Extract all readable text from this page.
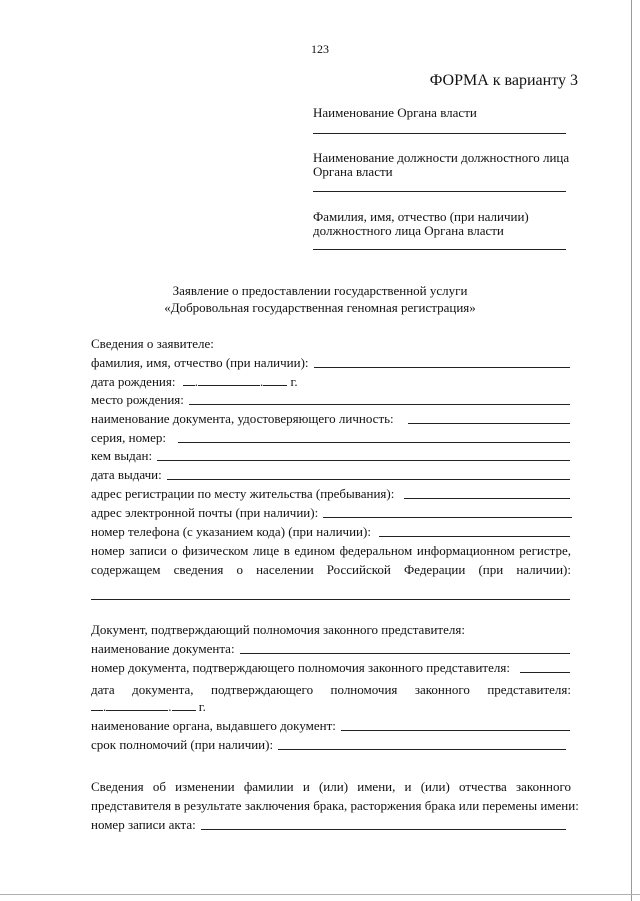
123
ФОРМА к варианту 3
Наименование Органа власти
Наименование должности должностного лица
Органа власти
Фамилия, имя, отчество (при наличии)
должностного лица Органа власти
Заявление о предоставлении государственной услуги
«Добровольная государственная геномная регистрация»
Сведения о заявителе:
фамилия, имя, отчество (при наличии):
дата рождения: .	. г.
место рождения:
наименование документа, удостоверяющего личность:
серия, номер:
кем выдан:
дата выдачи:
адрес регистрации по месту жительства (пребывания):
адрес электронной почты (при наличии):
номер телефона (с указанием кода) (при наличии):
номер записи о физическом лице в едином федеральном информационном регистре,
содержащем сведения о населении Российской Федерации (при наличии):
Документ, подтверждающий полномочия законного представителя:
наименование документа:
номер документа, подтверждающего полномочия законного представителя:
дата документа, подтверждающего полномочия законного представителя:
.	. г.
наименование органа, выдавшего документ:
срок полномочий (при наличии):
Сведения об изменении фамилии и (или) имени, и (или) отчества законного
представителя в результате заключения брака, расторжения брака или перемены имени:
номер записи акта:
